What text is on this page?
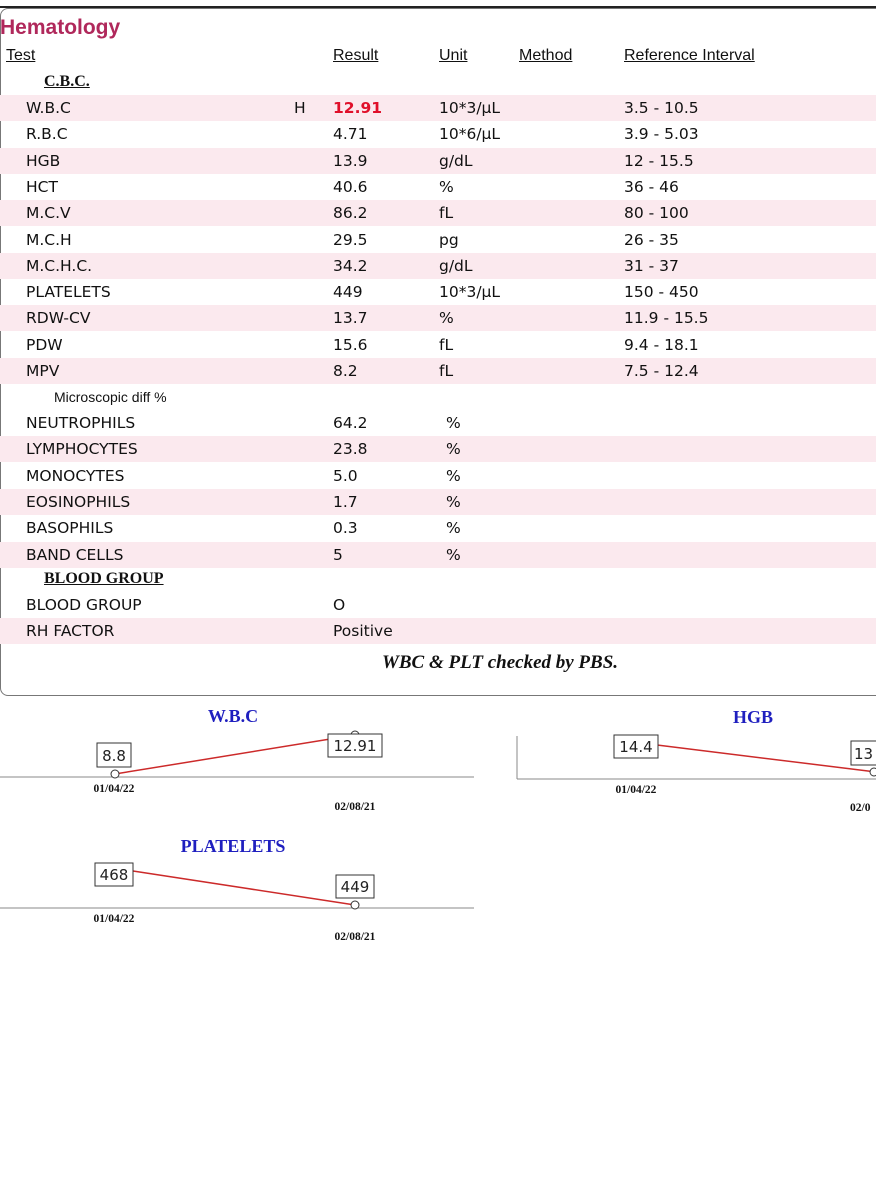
Hematology
Test	Result	Unit	Method	Reference Interval
C.B.C.
W.B.C	H 12.91	10*3/µL	3.5 - 10.5
R.B.C	4.71	10*6/µL	3.9 - 5.03
HGB	13.9	g/dL	12 - 15.5
HCT	40.6	%	36 - 46
M.C.V	86.2	fL	80 - 100
M.C.H	29.5	pg	26 - 35
M.C.H.C.	34.2	g/dL	31 - 37
PLATELETS	449	10*3/µL	150 - 450
RDW-CV	13.7	%	11.9 - 15.5
PDW	15.6	fL	9.4 - 18.1
MPV	8.2	fL	7.5 - 12.4
Microscopic diff %
NEUTROPHILS	64.2	%
LYMPHOCYTES	23.8	%
MONOCYTES	5.0	%
EOSINOPHILS	1.7	%
BASOPHILS	0.3	%
BAND CELLS	5	%
BLOOD GROUP
BLOOD GROUP	O
RH FACTOR	Positive
WBC & PLT checked by PBS.
W.B.C
8.8
12.91
01/04/22
02/08/21
HGB
14.4	13
01/04/22
02/0
PLATELETS
468
449
01/04/22
02/08/21
